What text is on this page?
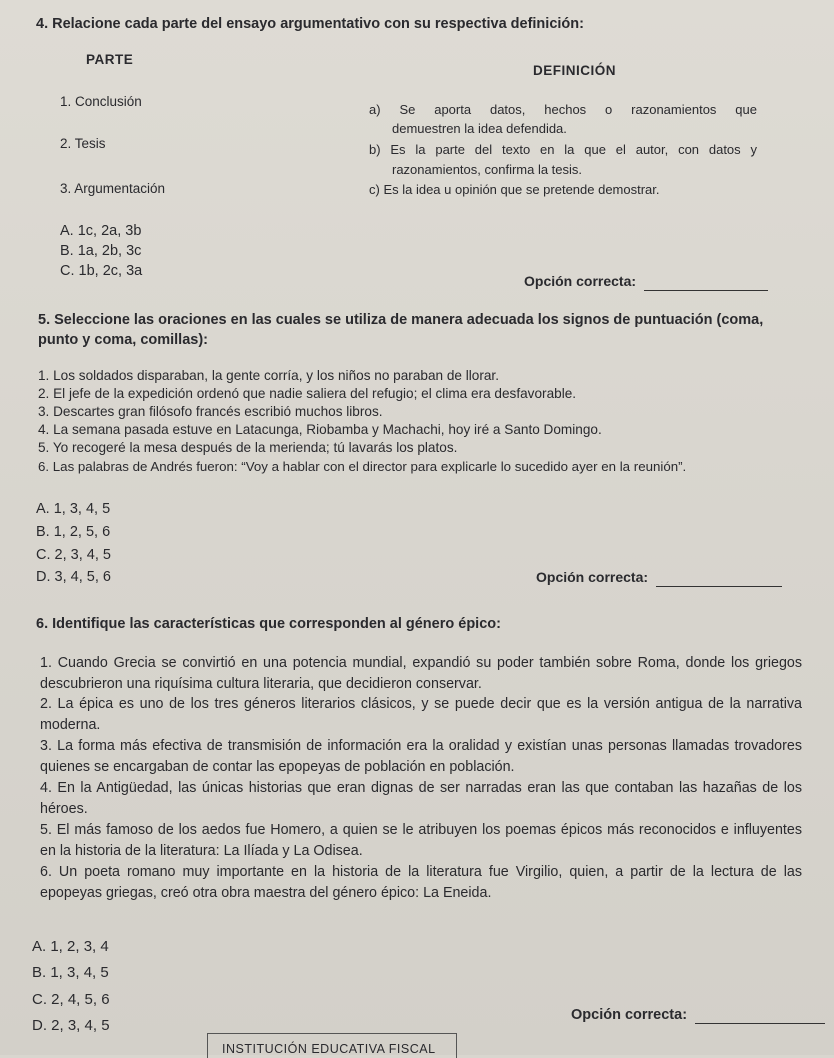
4. Relacione cada parte del ensayo argumentativo con su respectiva definición:
PARTE
DEFINICIÓN
1. Conclusión
2. Tesis
3. Argumentación
a) Se aporta datos, hechos o razonamientos que
demuestren la idea defendida.
b) Es la parte del texto en la que el autor, con datos y
razonamientos, confirma la tesis.
c) Es la idea u opinión que se pretende demostrar.
A. 1c, 2a, 3b
B. 1a, 2b, 3c
C. 1b, 2c, 3a
Opción correcta:
5. Seleccione las oraciones en las cuales se utiliza de manera adecuada los signos de puntuación (coma,
punto y coma, comillas):
1. Los soldados disparaban, la gente corría, y los niños no paraban de llorar.
2. El jefe de la expedición ordenó que nadie saliera del refugio; el clima era desfavorable.
3. Descartes gran filósofo francés escribió muchos libros.
4. La semana pasada estuve en Latacunga, Riobamba y Machachi, hoy iré a Santo Domingo.
5. Yo recogeré la mesa después de la merienda; tú lavarás los platos.
6. Las palabras de Andrés fueron: “Voy a hablar con el director para explicarle lo sucedido ayer en la reunión”.
A. 1, 3, 4, 5
B. 1, 2, 5, 6
C. 2, 3, 4, 5
D. 3, 4, 5, 6	Opción correcta:
6. Identifique las características que corresponden al género épico:
1. Cuando Grecia se convirtió en una potencia mundial, expandió su poder también sobre Roma, donde los griegos descubrieron una riquísima cultura literaria, que decidieron conservar.
2. La épica es uno de los tres géneros literarios clásicos, y se puede decir que es la versión antigua de la narrativa moderna.
3. La forma más efectiva de transmisión de información era la oralidad y existían unas personas llamadas trovadores quienes se encargaban de contar las epopeyas de población en población.
4. En la Antigüedad, las únicas historias que eran dignas de ser narradas eran las que contaban las hazañas de los héroes.
5. El más famoso de los aedos fue Homero, a quien se le atribuyen los poemas épicos más reconocidos e influyentes en la historia de la literatura: La Ilíada y La Odisea.
6. Un poeta romano muy importante en la historia de la literatura fue Virgilio, quien, a partir de la lectura de las epopeyas griegas, creó otra obra maestra del género épico: La Eneida.
A. 1, 2, 3, 4
B. 1, 3, 4, 5
C. 2, 4, 5, 6
D. 2, 3, 4, 5
Opción correcta:
INSTITUCIÓN EDUCATIVA FISCAL
